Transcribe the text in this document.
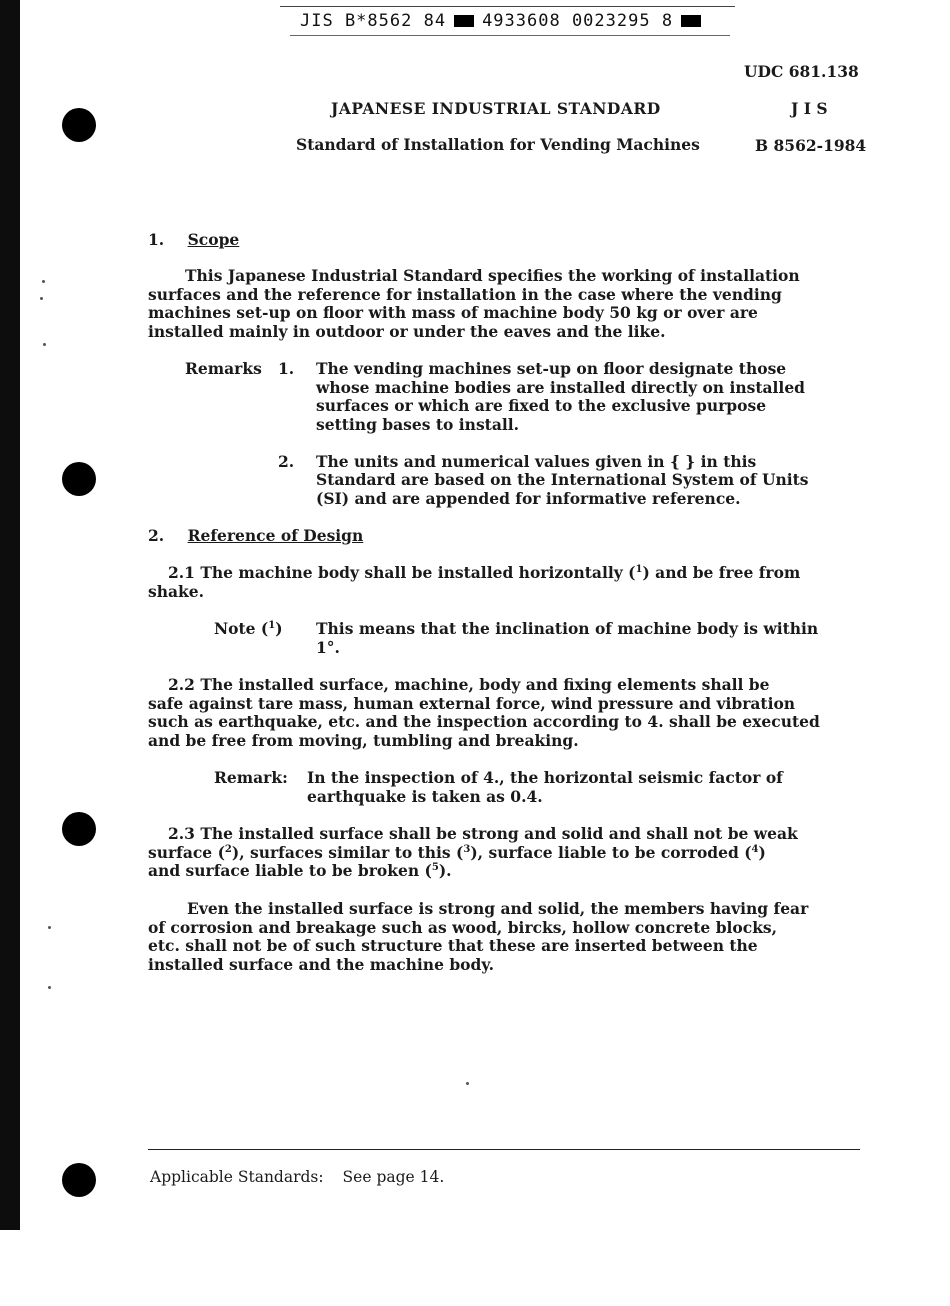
JIS B*8562 84 4933608 0023295 8
UDC 681.138
JAPANESE INDUSTRIAL STANDARD	J I S
Standard of Installation for Vending Machines	B 8562-1984
1. Scope
This Japanese Industrial Standard specifies the working of installation
surfaces and the reference for installation in the case where the vending
machines set-up on floor with mass of machine body 50 kg or over are
installed mainly in outdoor or under the eaves and the like.
Remarks 1. The vending machines set-up on floor designate those
whose machine bodies are installed directly on installed
surfaces or which are fixed to the exclusive purpose
setting bases to install.
2. The units and numerical values given in { } in this
Standard are based on the International System of Units
(SI) and are appended for informative reference.
2. Reference of Design
2.1 The machine body shall be installed horizontally ($^1$) and be free from
shake.
Note ($^1$) This means that the inclination of machine body is within
1°.
2.2 The installed surface, machine, body and fixing elements shall be
safe against tare mass, human external force, wind pressure and vibration
such as earthquake, etc. and the inspection according to 4. shall be executed
and be free from moving, tumbling and breaking.
Remark: In the inspection of 4., the horizontal seismic factor of
earthquake is taken as 0.4.
2.3 The installed surface shall be strong and solid and shall not be weak
surface ($^2$), surfaces similar to this ($^3$), surface liable to be corroded ($^4$)
and surface liable to be broken ($^5$).
Even the installed surface is strong and solid, the members having fear
of corrosion and breakage such as wood, bircks, hollow concrete blocks,
etc. shall not be of such structure that these are inserted between the
installed surface and the machine body.
Applicable Standards: See page 14.
